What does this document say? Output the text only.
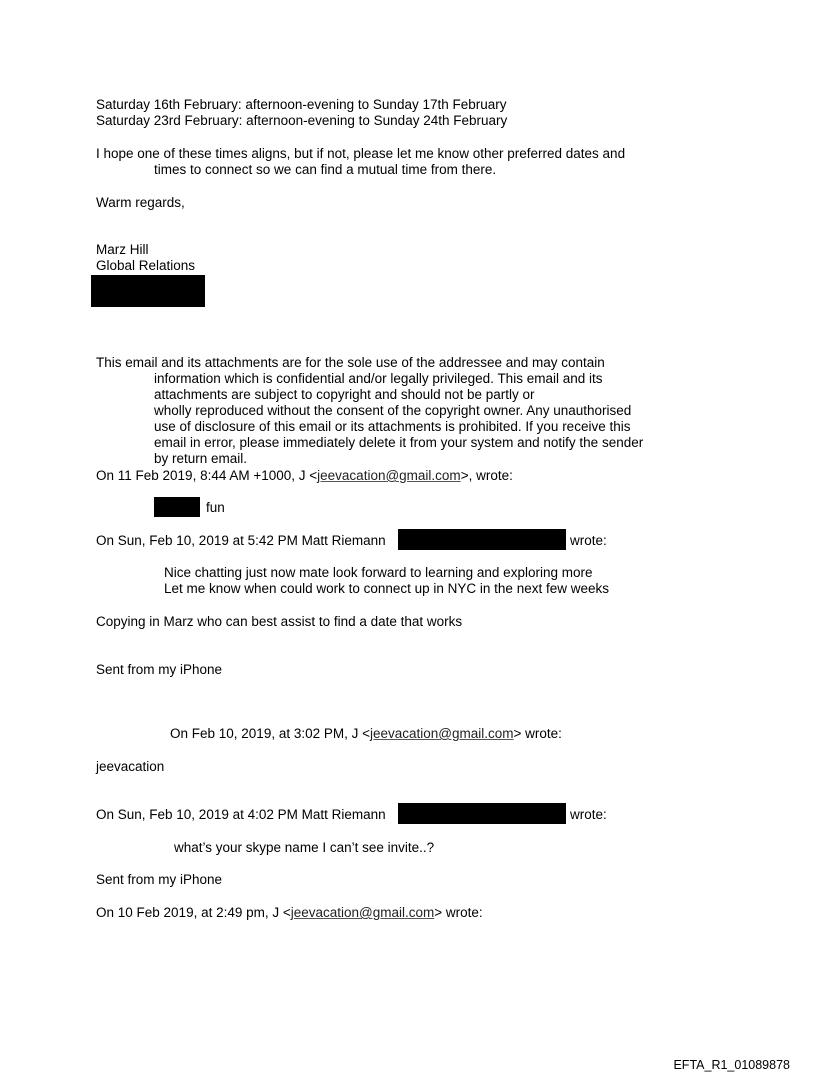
Saturday 16th February: afternoon-evening to Sunday 17th February
Saturday 23rd February: afternoon-evening to Sunday 24th February
I hope one of these times aligns, but if not, please let me know other preferred dates and
times to connect so we can find a mutual time from there.
Warm regards,
Marz Hill
Global Relations
This email and its attachments are for the sole use of the addressee and may contain
information which is confidential and/or legally privileged. This email and its
attachments are subject to copyright and should not be partly or
wholly reproduced without the consent of the copyright owner. Any unauthorised
use of disclosure of this email or its attachments is prohibited. If you receive this
email in error, please immediately delete it from your system and notify the sender
by return email.
On 11 Feb 2019, 8:44 AM +1000, J <jeevacation@gmail.com>, wrote:
fun
On Sun, Feb 10, 2019 at 5:42 PM Matt Riemann	wrote:
Nice chatting just now mate look forward to learning and exploring more
Let me know when could work to connect up in NYC in the next few weeks
Copying in Marz who can best assist to find a date that works
Sent from my iPhone
On Feb 10, 2019, at 3:02 PM, J <jeevacation@gmail.com> wrote:
jeevacation
On Sun, Feb 10, 2019 at 4:02 PM Matt Riemann	wrote:
what’s your skype name I can’t see invite..?
Sent from my iPhone
On 10 Feb 2019, at 2:49 pm, J <jeevacation@gmail.com> wrote:
EFTA_R1_01089878
